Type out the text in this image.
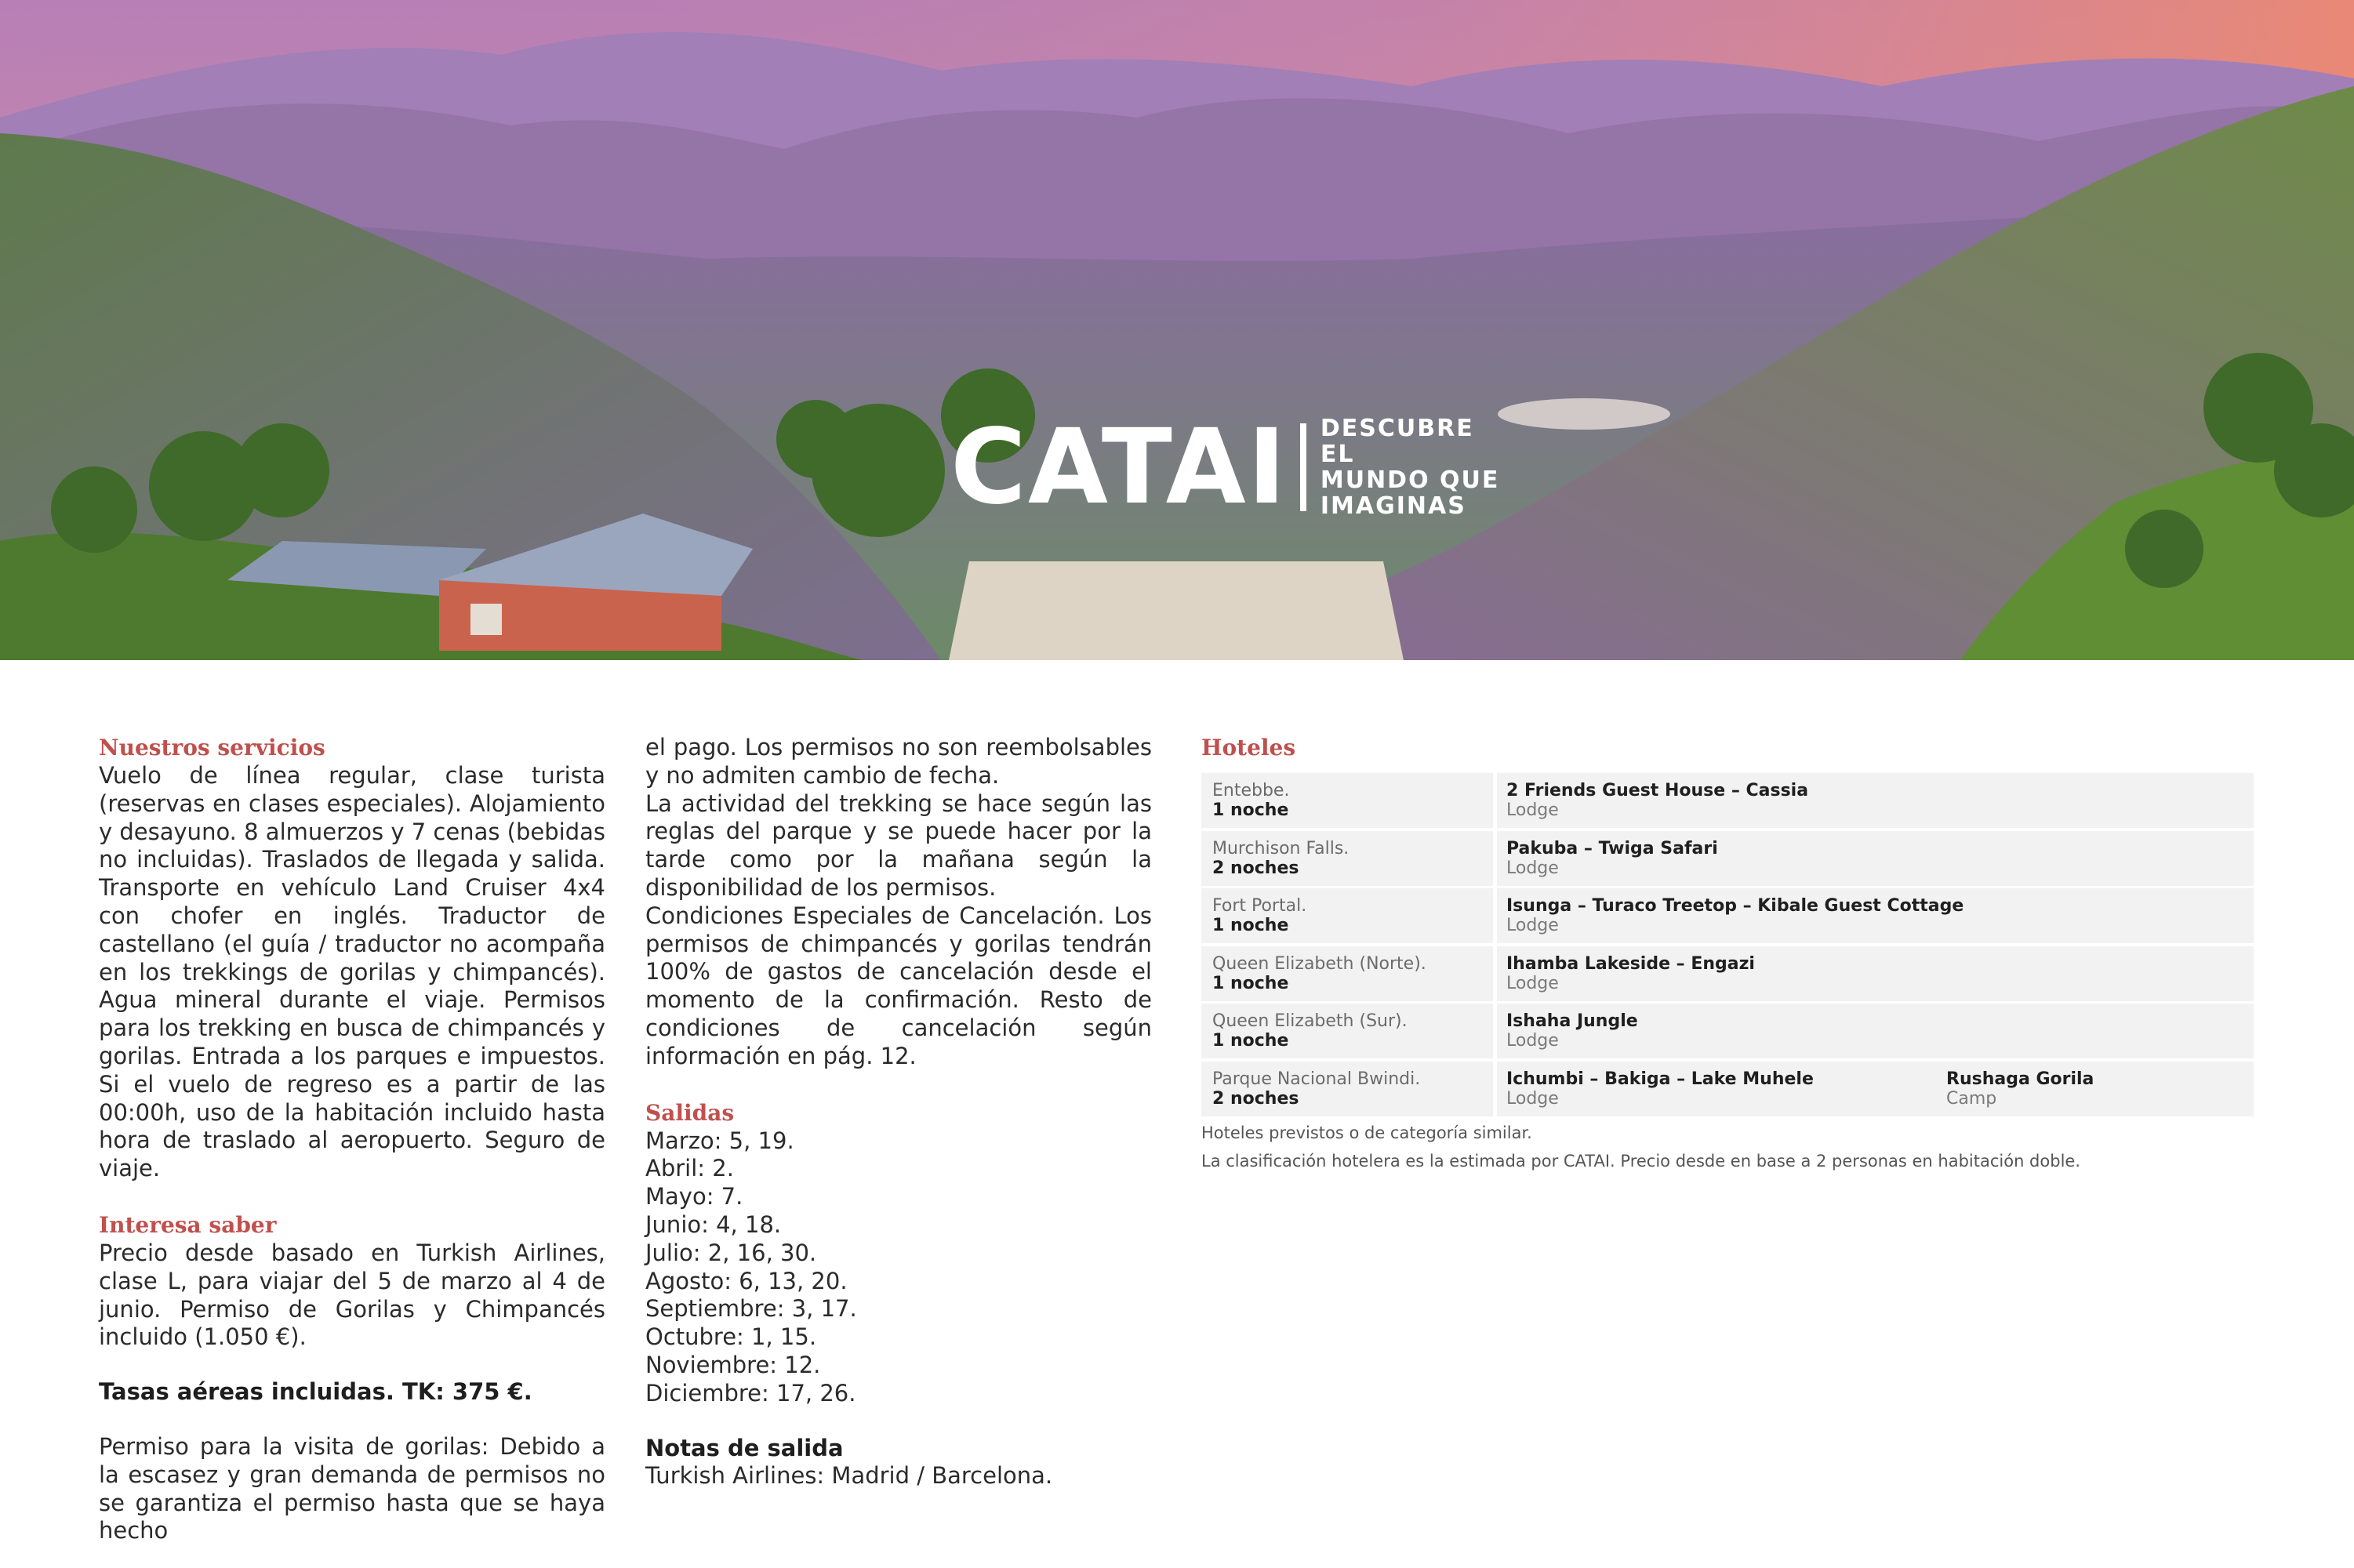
CATAI DESCUBRE EL
MUNDO QUE
IMAGINAS
Nuestros servicios

Vuelo de línea regular, clase turista (reservas en clases especiales). Alojamiento y desayuno. 8 almuerzos y 7 cenas (bebidas no incluidas). Traslados de llegada y salida. Transporte en vehículo Land Cruiser 4x4 con chofer en inglés. Traductor de castellano (el guía / traductor no acompaña en los trekkings de gorilas y chimpancés). Agua mineral durante el viaje. Permisos para los trekking en busca de chimpancés y gorilas. Entrada a los parques e impuestos. Si el vuelo de regreso es a partir de las 00:00h, uso de la habitación incluido hasta hora de traslado al aeropuerto. Seguro de viaje.

Interesa saber

Precio desde basado en Turkish Airlines, clase L, para viajar del 5 de marzo al 4 de junio. Permiso de Gorilas y Chimpancés incluido (1.050 €).

Tasas aéreas incluidas. TK: 375 €.

Permiso para la visita de gorilas: Debido a la escasez y gran demanda de permisos no se garantiza el permiso hasta que se haya hecho

el pago. Los permisos no son reembolsables y no admiten cambio de fecha.

La actividad del trekking se hace según las reglas del parque y se puede hacer por la tarde como por la mañana según la disponibilidad de los permisos.

Condiciones Especiales de Cancelación. Los permisos de chimpancés y gorilas tendrán 100% de gastos de cancelación desde el momento de la confirmación. Resto de condiciones de cancelación según información en pág. 12.

Salidas
Marzo: 5, 19.
Abril: 2.
Mayo: 7.
Junio: 4, 18.
Julio: 2, 16, 30.
Agosto: 6, 13, 20.
Septiembre: 3, 17.
Octubre: 1, 15.
Noviembre: 12.
Diciembre: 17, 26.

Notas de salida

Turkish Airlines: Madrid / Barcelona.

Hoteles
Entebbe.
1 noche
2 Friends Guest House – Cassia
Lodge
Murchison Falls.
2 noches
Pakuba – Twiga Safari
Lodge
Fort Portal.
1 noche
Isunga – Turaco Treetop – Kibale Guest Cottage
Lodge
Queen Elizabeth (Norte).
1 noche
Ihamba Lakeside – Engazi
Lodge
Queen Elizabeth (Sur).
1 noche
Ishaha Jungle
Lodge
Parque Nacional Bwindi.
2 noches
Ichumbi – Bakiga – Lake Muhele
Lodge
Rushaga Gorila
Camp
Hoteles previstos o de categoría similar.
La clasificación hotelera es la estimada por CATAI. Precio desde en base a 2 personas en habitación doble.
